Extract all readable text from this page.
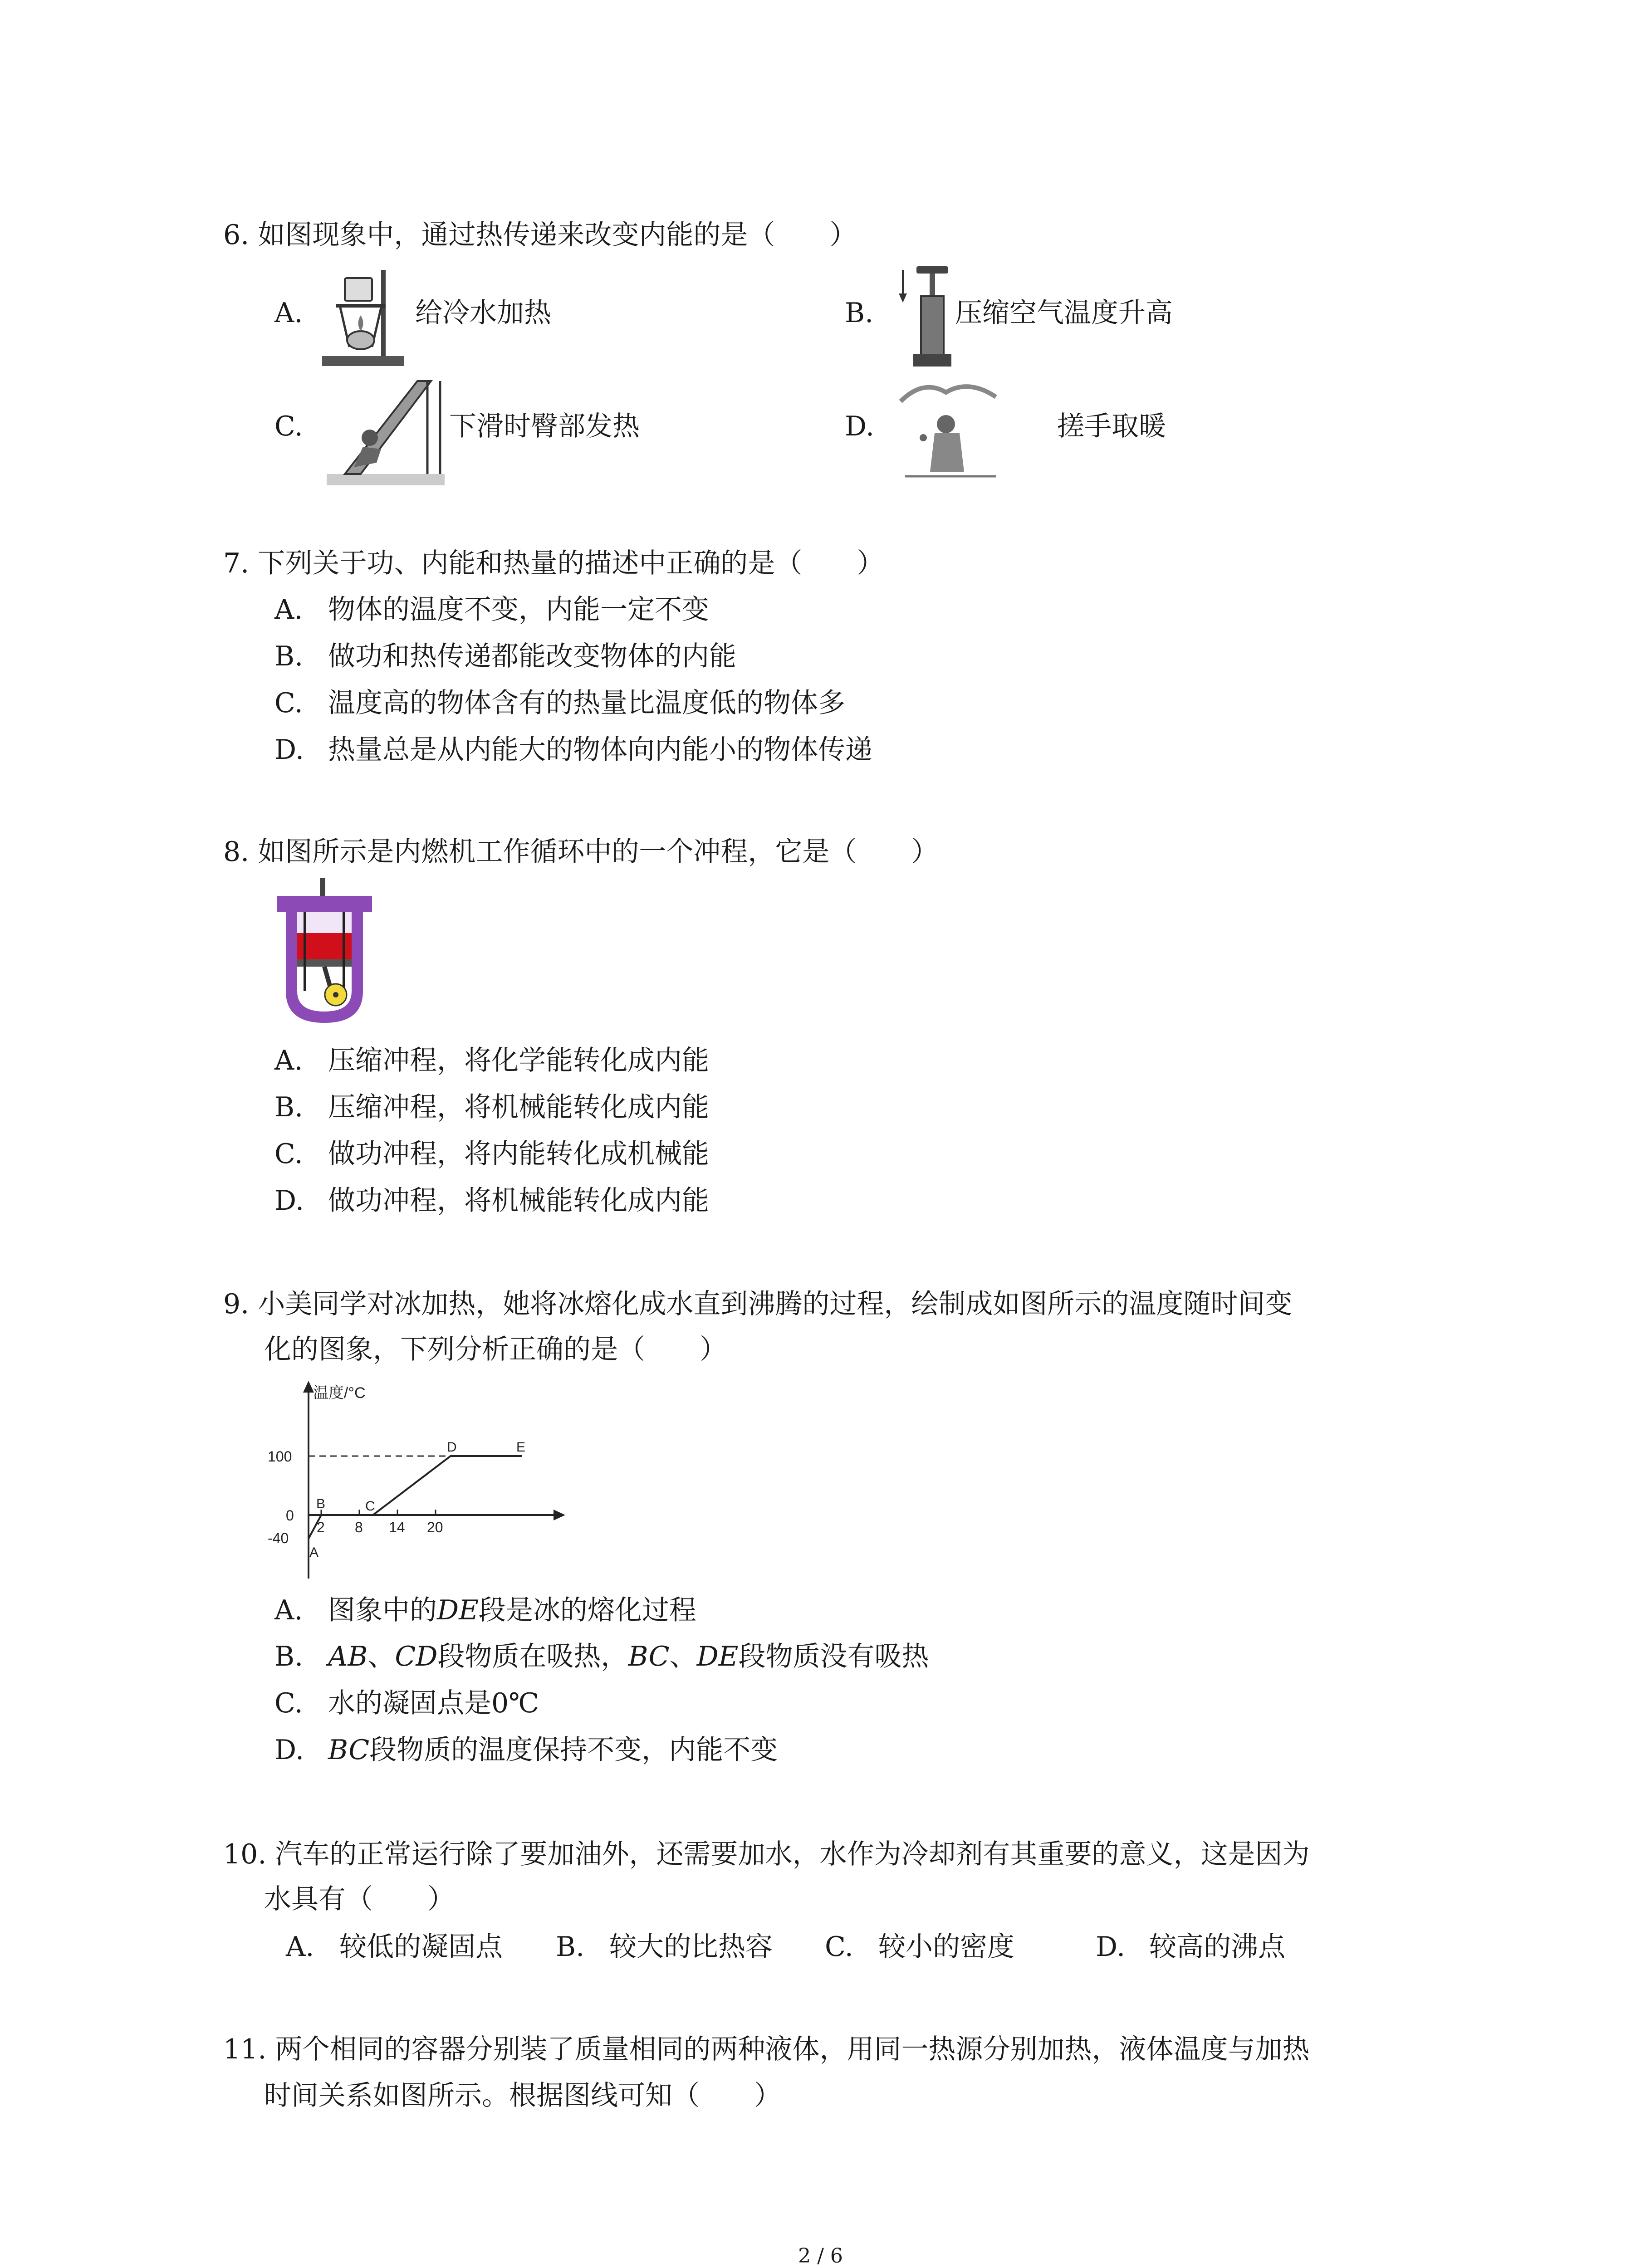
6. 如图现象中，通过热传递来改变内能的是（　　）
A.	给冷水加热	B.	压缩空气温度升高
C.	下滑时臀部发热	D.	搓手取暖
7. 下列关于功、内能和热量的描述中正确的是（　　）
A. 物体的温度不变，内能一定不变
B. 做功和热传递都能改变物体的内能
C. 温度高的物体含有的热量比温度低的物体多
D. 热量总是从内能大的物体向内能小的物体传递
8. 如图所示是内燃机工作循环中的一个冲程，它是（　　）
A. 压缩冲程，将化学能转化成内能
B. 压缩冲程，将机械能转化成内能
C. 做功冲程，将内能转化成机械能
D. 做功冲程，将机械能转化成内能
9. 小美同学对冰加热，她将冰熔化成水直到沸腾的过程，绘制成如图所示的温度随时间变
化的图象，下列分析正确的是（　　）
温度/°C
100
0
-40
2 8 14 20
A
B	C
D	E
A. 图象中的DE段是冰的熔化过程
B. AB、CD段物质在吸热，BC、DE段物质没有吸热
C. 水的凝固点是0℃
D. BC段物质的温度保持不变，内能不变
10. 汽车的正常运行除了要加油外，还需要加水，水作为冷却剂有其重要的意义，这是因为
水具有（　　）
A. 较低的凝固点 B. 较大的比热容 C. 较小的密度	D. 较高的沸点
11. 两个相同的容器分别装了质量相同的两种液体，用同一热源分别加热，液体温度与加热
时间关系如图所示。根据图线可知（　　）
2 / 6
